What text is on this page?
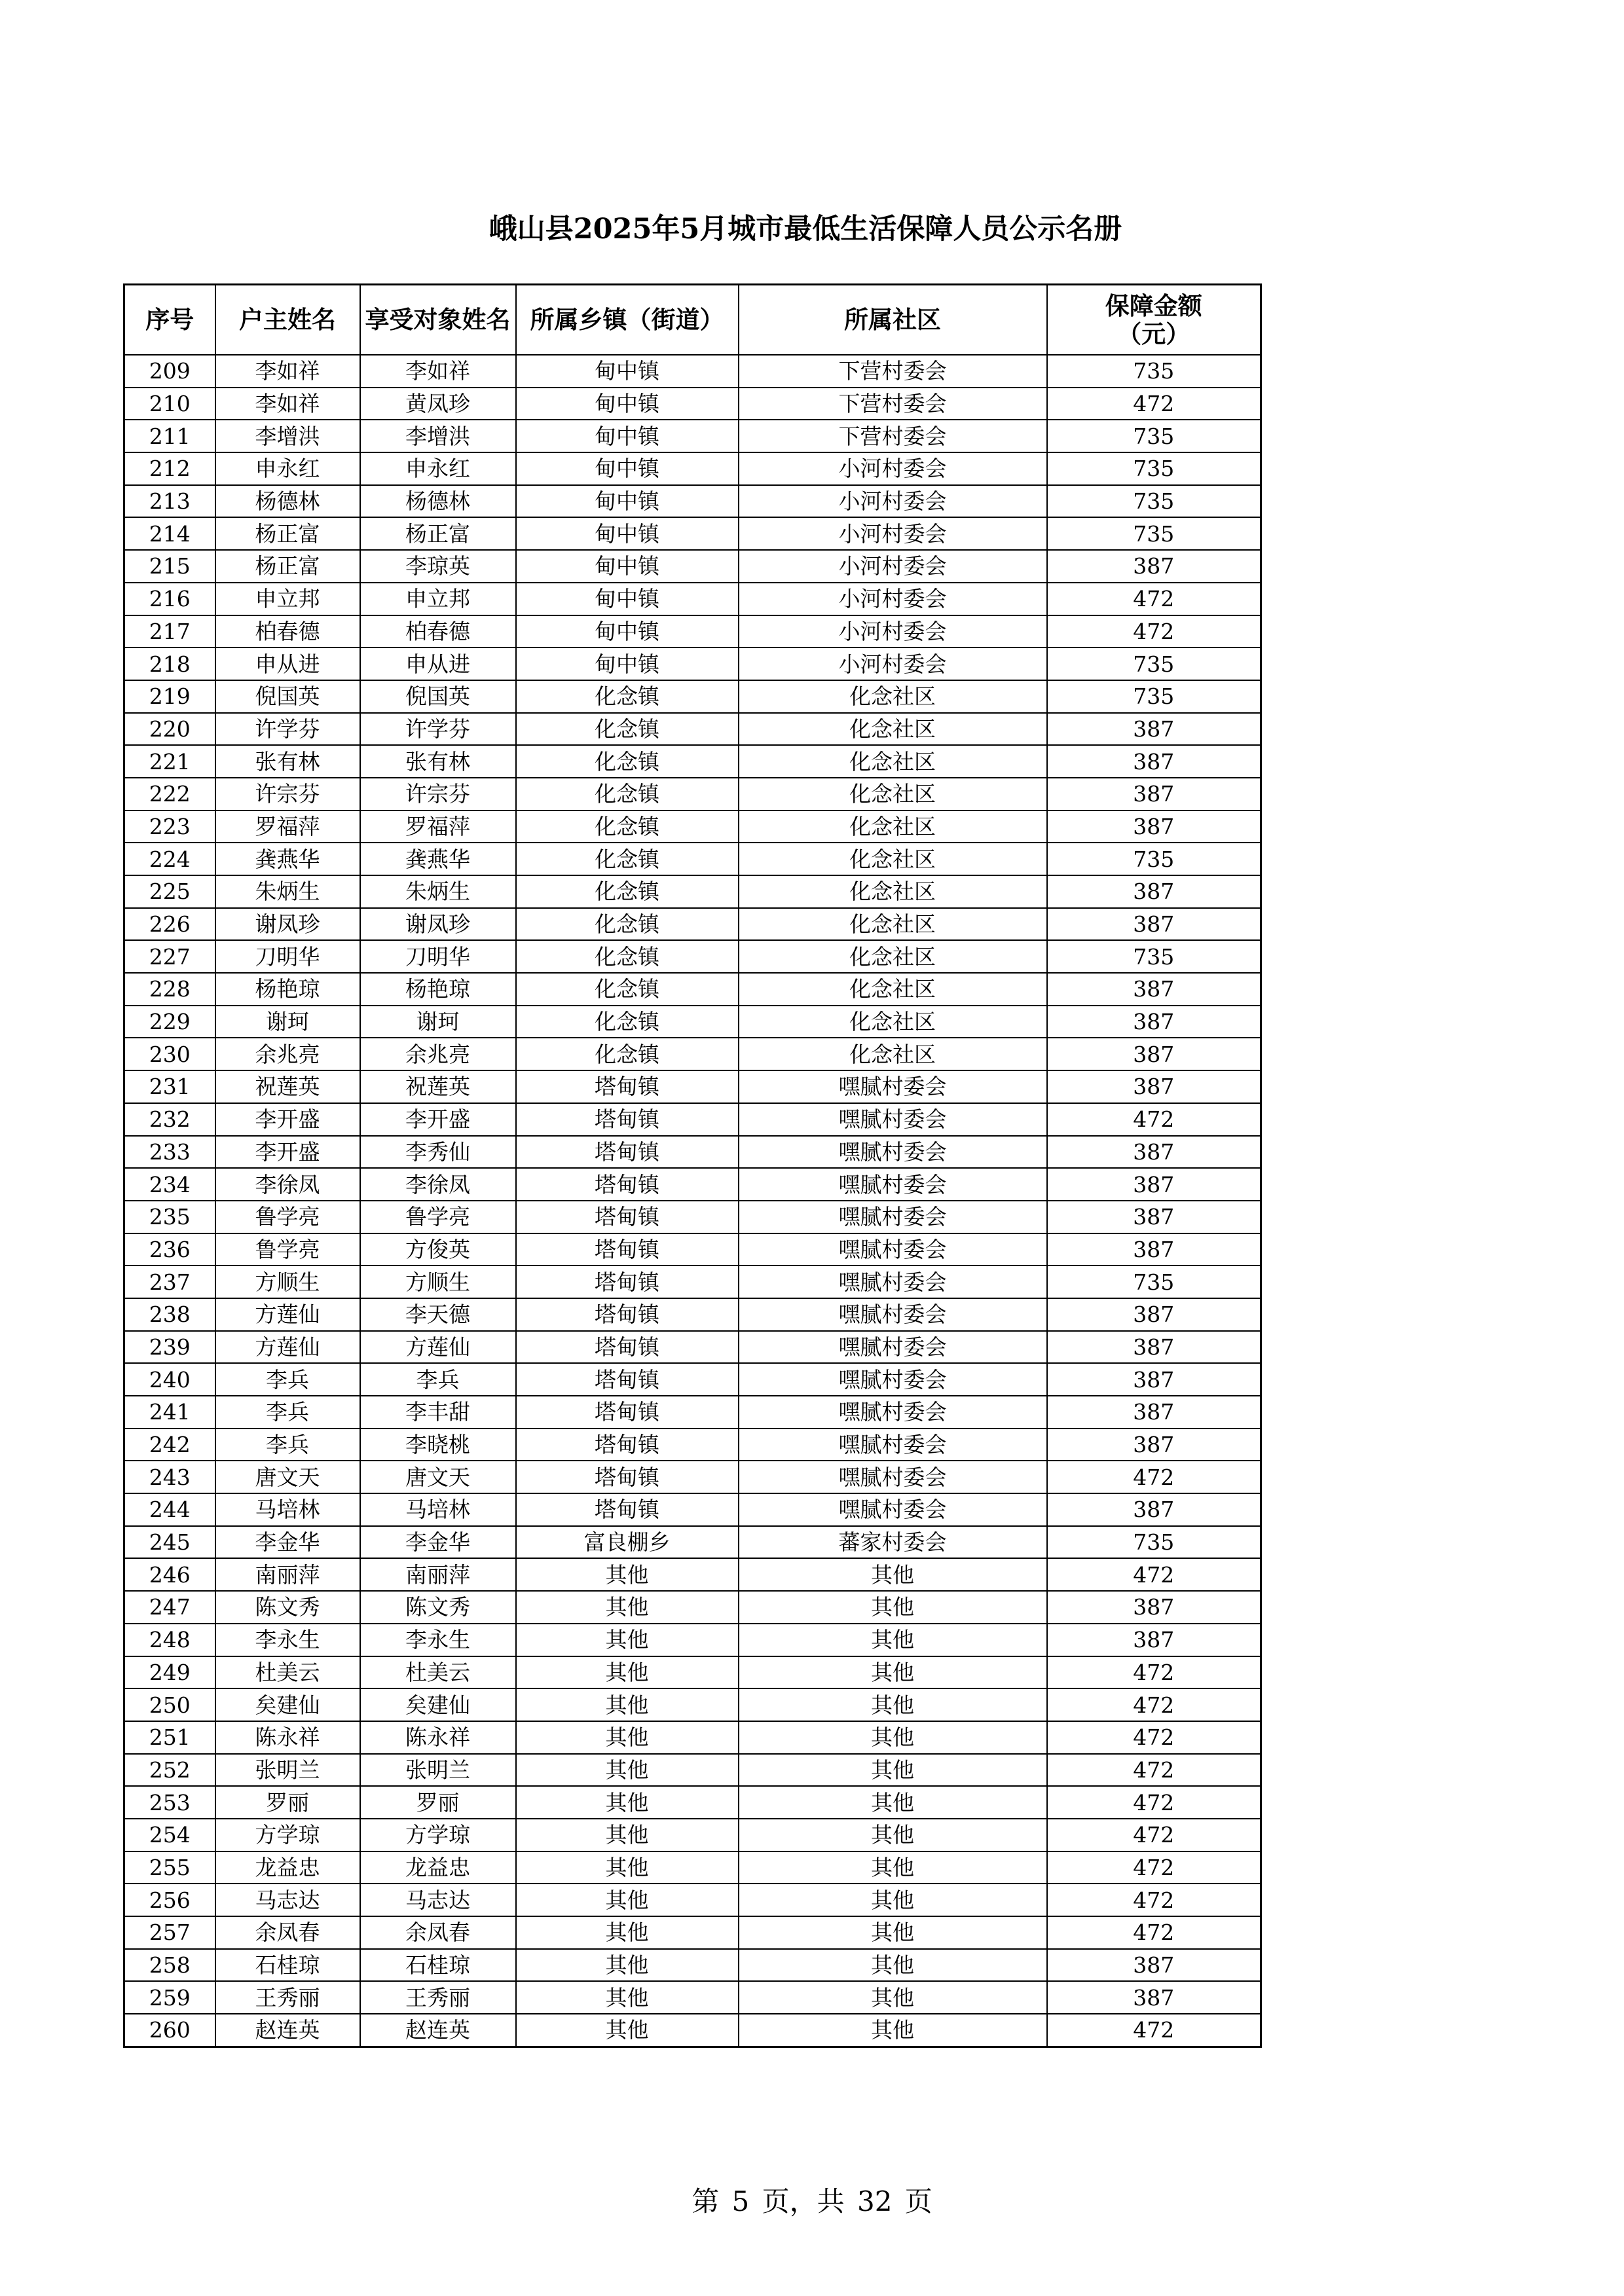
峨山县2025年5月城市最低生活保障人员公示名册
序号	户主姓名	享受对象姓名	所属乡镇（街道）	所属社区	保障金额
（元）
209	李如祥	李如祥	甸中镇	下营村委会	735
210	李如祥	黄凤珍	甸中镇	下营村委会	472
211	李增洪	李增洪	甸中镇	下营村委会	735
212	申永红	申永红	甸中镇	小河村委会	735
213	杨德林	杨德林	甸中镇	小河村委会	735
214	杨正富	杨正富	甸中镇	小河村委会	735
215	杨正富	李琼英	甸中镇	小河村委会	387
216	申立邦	申立邦	甸中镇	小河村委会	472
217	柏春德	柏春德	甸中镇	小河村委会	472
218	申从进	申从进	甸中镇	小河村委会	735
219	倪国英	倪国英	化念镇	化念社区	735
220	许学芬	许学芬	化念镇	化念社区	387
221	张有林	张有林	化念镇	化念社区	387
222	许宗芬	许宗芬	化念镇	化念社区	387
223	罗福萍	罗福萍	化念镇	化念社区	387
224	龚燕华	龚燕华	化念镇	化念社区	735
225	朱炳生	朱炳生	化念镇	化念社区	387
226	谢凤珍	谢凤珍	化念镇	化念社区	387
227	刀明华	刀明华	化念镇	化念社区	735
228	杨艳琼	杨艳琼	化念镇	化念社区	387
229	谢珂	谢珂	化念镇	化念社区	387
230	余兆亮	余兆亮	化念镇	化念社区	387
231	祝莲英	祝莲英	塔甸镇	嘿腻村委会	387
232	李开盛	李开盛	塔甸镇	嘿腻村委会	472
233	李开盛	李秀仙	塔甸镇	嘿腻村委会	387
234	李徐凤	李徐凤	塔甸镇	嘿腻村委会	387
235	鲁学亮	鲁学亮	塔甸镇	嘿腻村委会	387
236	鲁学亮	方俊英	塔甸镇	嘿腻村委会	387
237	方顺生	方顺生	塔甸镇	嘿腻村委会	735
238	方莲仙	李天德	塔甸镇	嘿腻村委会	387
239	方莲仙	方莲仙	塔甸镇	嘿腻村委会	387
240	李兵	李兵	塔甸镇	嘿腻村委会	387
241	李兵	李丰甜	塔甸镇	嘿腻村委会	387
242	李兵	李晓桃	塔甸镇	嘿腻村委会	387
243	唐文天	唐文天	塔甸镇	嘿腻村委会	472
244	马培林	马培林	塔甸镇	嘿腻村委会	387
245	李金华	李金华	富良棚乡	蕃家村委会	735
246	南丽萍	南丽萍	其他	其他	472
247	陈文秀	陈文秀	其他	其他	387
248	李永生	李永生	其他	其他	387
249	杜美云	杜美云	其他	其他	472
250	矣建仙	矣建仙	其他	其他	472
251	陈永祥	陈永祥	其他	其他	472
252	张明兰	张明兰	其他	其他	472
253	罗丽	罗丽	其他	其他	472
254	方学琼	方学琼	其他	其他	472
255	龙益忠	龙益忠	其他	其他	472
256	马志达	马志达	其他	其他	472
257	余凤春	余凤春	其他	其他	472
258	石桂琼	石桂琼	其他	其他	387
259	王秀丽	王秀丽	其他	其他	387
260	赵连英	赵连英	其他	其他	472
第 5 页，共 32 页
